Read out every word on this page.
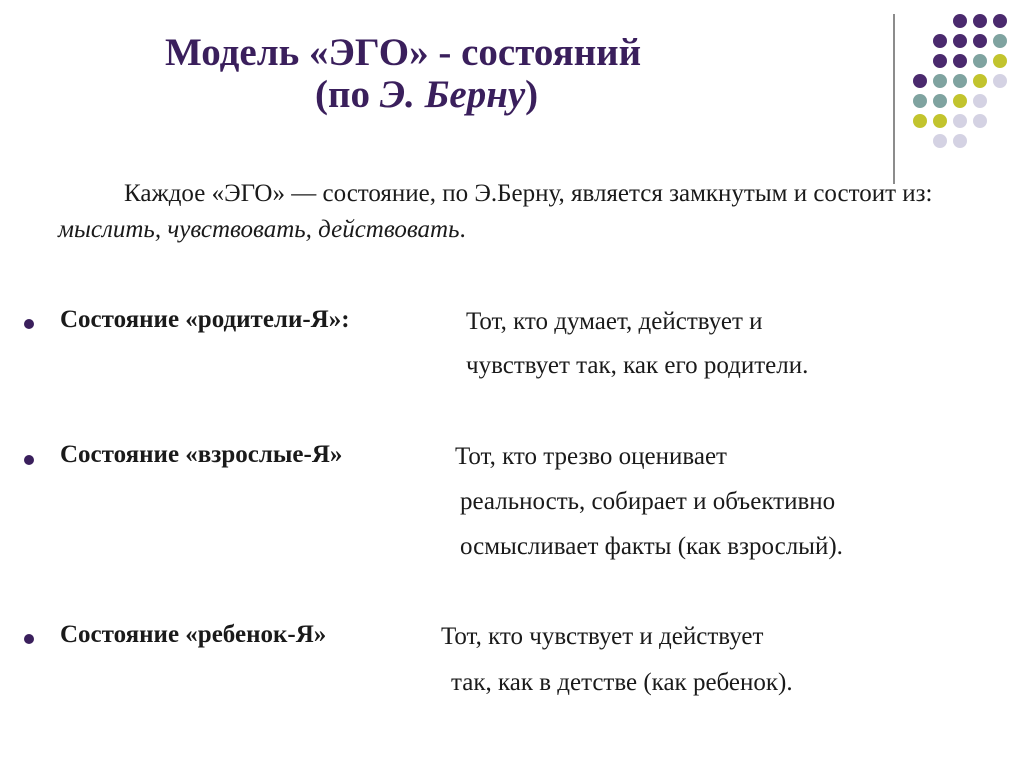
Модель «ЭГО» - состояний
(по Э. Берну)
Каждое «ЭГО» — состояние, по Э.Берну, является замкнутым и состоит из: мыслить, чувствовать, действовать.
Состояние «родители-Я»:	Тот, кто думает, действует и
чувствует так, как его родители.
Состояние «взрослые-Я»	Тот, кто трезво оценивает
реальность, собирает и объективно
осмысливает факты (как взрослый).
Состояние «ребенок-Я»	Тот, кто чувствует и действует
так, как в детстве (как ребенок).
